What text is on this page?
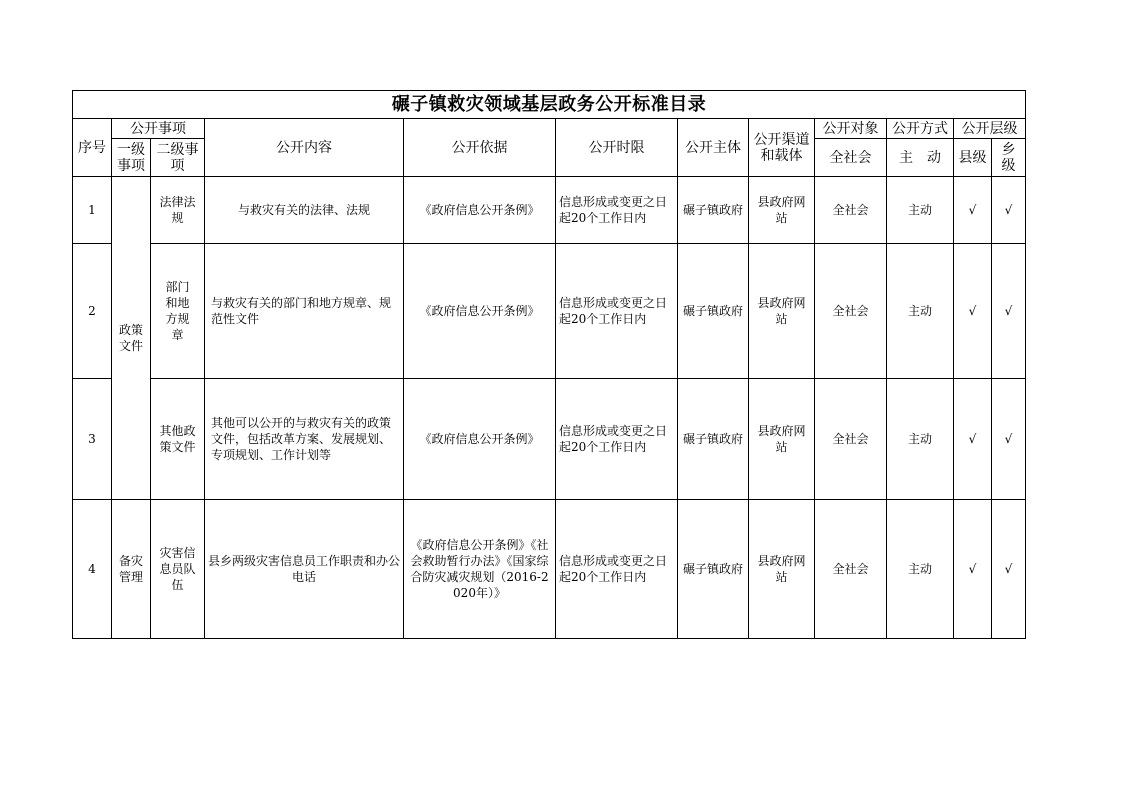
碾子镇救灾领域基层政务公开标准目录											
序号	公开事项		公开内容	公开依据	公开时限	公开主体	公开渠道和载体	公开对象	公开方式	公开层级	
	一级事项	二级事项						全社会	主　动	县级	乡级
1	政策文件	法律法规	与救灾有关的法律、法规	《政府信息公开条例》	信息形成或变更之日起20个工作日内	碾子镇政府	县政府网站	全社会	主动	√	√
2		部门和地方规章	与救灾有关的部门和地方规章、规范性文件	《政府信息公开条例》	信息形成或变更之日起20个工作日内	碾子镇政府	县政府网站	全社会	主动	√	√
3		其他政策文件	其他可以公开的与救灾有关的政策文件，包括改革方案、发展规划、专项规划、工作计划等	《政府信息公开条例》	信息形成或变更之日起20个工作日内	碾子镇政府	县政府网站	全社会	主动	√	√
4	备灾管理	灾害信息员队伍	县乡两级灾害信息员工作职责和办公电话	《政府信息公开条例》《社会救助暂行办法》《国家综合防灾减灾规划（2016-2020年）》	信息形成或变更之日起20个工作日内	碾子镇政府	县政府网站	全社会	主动	√	√
